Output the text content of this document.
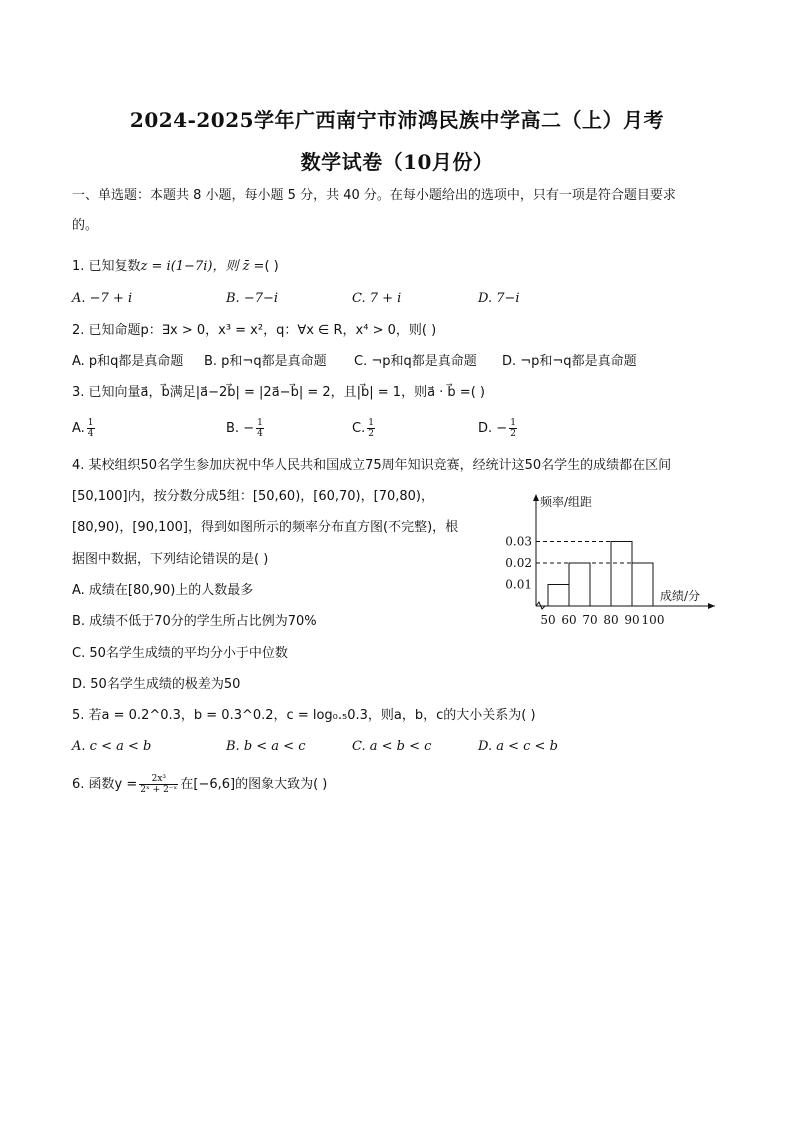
2024-2025学年广西南宁市沛鸿民族中学高二（上）月考
数学试卷（10月份）
一、单选题：本题共 8 小题，每小题 5 分，共 40 分。在每小题给出的选项中，只有一项是符合题目要求
的。
1. 已知复数z = i(1−7i)，则 z̄ =( )
A. −7 + i	B. −7−i	C. 7 + i	D. 7−i
2. 已知命题p：∃x > 0，x³ = x²，q：∀x ∈ R，x⁴ > 0，则( )
A. p和q都是真命题 B. p和¬q都是真命题 C. ¬p和q都是真命题 D. ¬p和¬q都是真命题
3. 已知向量a⃗，b⃗满足|a⃗−2b⃗| = |2a⃗−b⃗| = 2，且|b⃗| = 1，则a⃗ · b⃗ =( )
A. $\frac{1}{4}$	B. − $\frac{1}{4}$	C. $\frac{1}{2}$	D. − $\frac{1}{2}$
4. 某校组织50名学生参加庆祝中华人民共和国成立75周年知识竞赛，经统计这50名学生的成绩都在区间
[50,100]内，按分数分成5组：[50,60)，[60,70)，[70,80)，
[80,90)，[90,100]，得到如图所示的频率分布直方图(不完整)，根
据图中数据，下列结论错误的是( )
A. 成绩在[80,90)上的人数最多
B. 成绩不低于70分的学生所占比例为70%
C. 50名学生成绩的平均分小于中位数
D. 50名学生成绩的极差为50
频率/组距
成绩/分
0.01
0.02
0.03
50 60 70 80 90 100
5. 若a = 0.2^0.3，b = 0.3^0.2，c = log₀.₅0.3，则a，b，c的大小关系为( )
A. c < a < b	B. b < a < c	C. a < b < c	D. a < c < b
6. 函数$y = \frac{\text{2x³}}{\text{2ˣ + 2⁻ˣ}}$ 在[−6,6]的图象大致为( )
